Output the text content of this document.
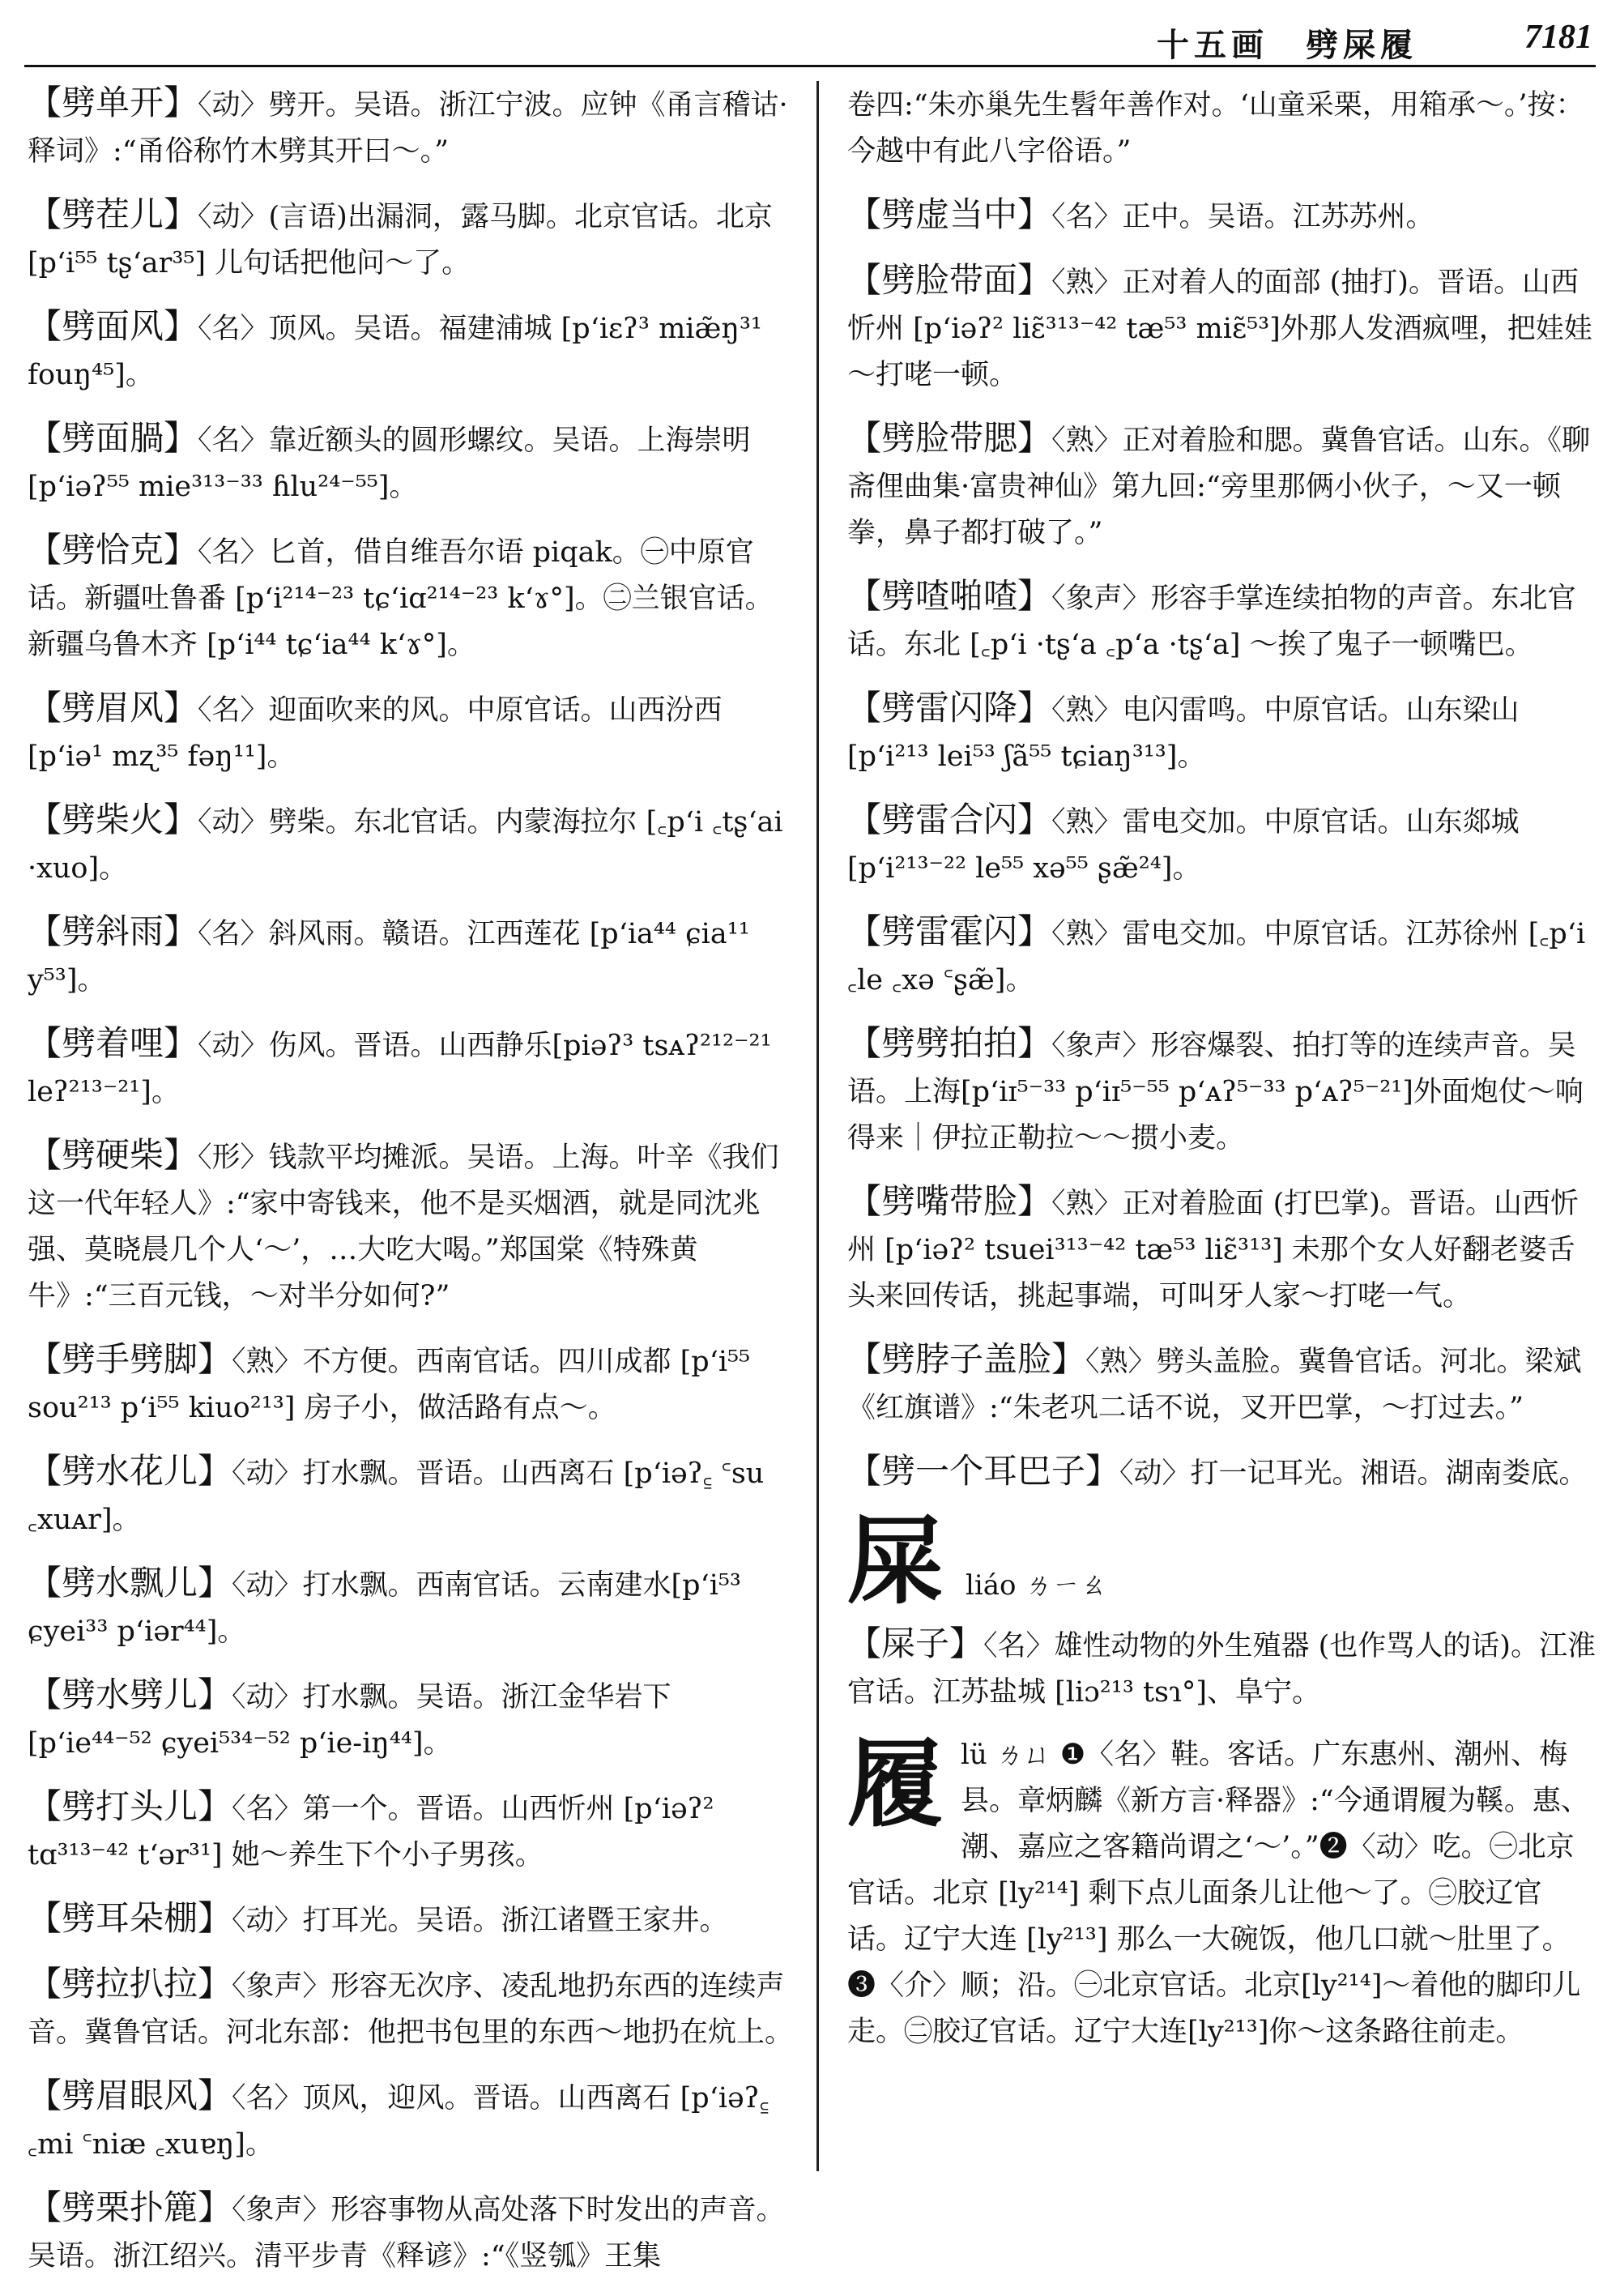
十五画　劈屎履	7181

【劈单开】〈动〉劈开。吴语。浙江宁波。应钟《甬言稽诂·释词》:“甬俗称竹木劈其开曰～。”

【劈茬儿】〈动〉(言语)出漏洞，露马脚。北京官话。北京 [p‘i⁵⁵ tʂ‘ar³⁵] 儿句话把他问～了。

【劈面风】〈名〉顶风。吴语。福建浦城 [p‘iɛʔ³ miæ̃ŋ³¹ fouŋ⁴⁵]。

【劈面腡】〈名〉靠近额头的圆形螺纹。吴语。上海崇明 [p‘iəʔ⁵⁵ mie³¹³⁻³³ ɦlu²⁴⁻⁵⁵]。

【劈恰克】〈名〉匕首，借自维吾尔语 piqak。㊀中原官话。新疆吐鲁番 [p‘i²¹⁴⁻²³ tɕ‘iɑ²¹⁴⁻²³ k‘ɤ°]。㊁兰银官话。新疆乌鲁木齐 [p‘i⁴⁴ tɕ‘ia⁴⁴ k‘ɤ°]。

【劈眉风】〈名〉迎面吹来的风。中原官话。山西汾西 [p‘iə¹ mʐ³⁵ fəŋ¹¹]。

【劈柴火】〈动〉劈柴。东北官话。内蒙海拉尔 [꜀p‘i ꜀tʂ‘ai ·xuo]。

【劈斜雨】〈名〉斜风雨。赣语。江西莲花 [p‘ia⁴⁴ ɕia¹¹ y⁵³]。

【劈着哩】〈动〉伤风。晋语。山西静乐[piəʔ³ tsᴀʔ²¹²⁻²¹ leʔ²¹³⁻²¹]。

【劈硬柴】〈形〉钱款平均摊派。吴语。上海。叶辛《我们这一代年轻人》:“家中寄钱来，他不是买烟酒，就是同沈兆强、莫晓晨几个人‘～’，…大吃大喝。”郑国棠《特殊黄牛》:“三百元钱，～对半分如何?”

【劈手劈脚】〈熟〉不方便。西南官话。四川成都 [p‘i⁵⁵ sou²¹³ p‘i⁵⁵ kiuo²¹³] 房子小，做活路有点～。

【劈水花儿】〈动〉打水飘。晋语。山西离石 [p‘iəʔ꜁ ꜂su ꜀xuᴀr]。

【劈水飘儿】〈动〉打水飘。西南官话。云南建水[p‘i⁵³ ɕyei³³ p‘iər⁴⁴]。

【劈水劈儿】〈动〉打水飘。吴语。浙江金华岩下 [p‘ie⁴⁴⁻⁵² ɕyei⁵³⁴⁻⁵² p‘ie-iŋ⁴⁴]。

【劈打头儿】〈名〉第一个。晋语。山西忻州 [p‘iəʔ² tɑ³¹³⁻⁴² t‘ər³¹] 她～养生下个小子男孩。

【劈耳朵棚】〈动〉打耳光。吴语。浙江诸暨王家井。

【劈拉扒拉】〈象声〉形容无次序、凌乱地扔东西的连续声音。冀鲁官话。河北东部：他把书包里的东西～地扔在炕上。

【劈眉眼风】〈名〉顶风，迎风。晋语。山西离石 [p‘iəʔ꜁ ꜀mi ꜂niæ ꜀xuɐŋ]。

【劈栗扑簏】〈象声〉形容事物从高处落下时发出的声音。吴语。浙江绍兴。清平步青《释谚》:“《竖瓠》王集

卷四:“朱亦巢先生髫年善作对。‘山童采栗，用箱承～。’按：今越中有此八字俗语。”

【劈虚当中】〈名〉正中。吴语。江苏苏州。

【劈脸带面】〈熟〉正对着人的面部 (抽打)。晋语。山西忻州 [p‘iəʔ² liɛ̃³¹³⁻⁴² tæ⁵³ miɛ̃⁵³]外那人发酒疯哩，把娃娃～打咾一顿。

【劈脸带腮】〈熟〉正对着脸和腮。冀鲁官话。山东。《聊斋俚曲集·富贵神仙》第九回:“旁里那俩小伙子，～又一顿拳，鼻子都打破了。”

【劈喳啪喳】〈象声〉形容手掌连续拍物的声音。东北官话。东北 [꜀p‘i ·tʂ‘a ꜀p‘a ·tʂ‘a] ～挨了鬼子一顿嘴巴。

【劈雷闪降】〈熟〉电闪雷鸣。中原官话。山东梁山 [p‘i²¹³ lei⁵³ ʃã⁵⁵ tɕiaŋ³¹³]。

【劈雷合闪】〈熟〉雷电交加。中原官话。山东郯城 [p‘i²¹³⁻²² le⁵⁵ xə⁵⁵ ʂæ̃²⁴]。

【劈雷霍闪】〈熟〉雷电交加。中原官话。江苏徐州 [꜀p‘i ꜀le ꜀xə ꜂ʂæ̃]。

【劈劈拍拍】〈象声〉形容爆裂、拍打等的连续声音。吴语。上海[p‘iɪ⁵⁻³³ p‘iɪ⁵⁻⁵⁵ p‘ᴀʔ⁵⁻³³ p‘ᴀʔ⁵⁻²¹]外面炮仗～响得来｜伊拉正勒拉～～掼小麦。

【劈嘴带脸】〈熟〉正对着脸面 (打巴掌)。晋语。山西忻州 [p‘iəʔ² tsuei³¹³⁻⁴² tæ⁵³ liɛ̃³¹³] 未那个女人好翻老婆舌头来回传话，挑起事端，可叫牙人家～打咾一气。

【劈脖子盖脸】〈熟〉劈头盖脸。冀鲁官话。河北。梁斌《红旗谱》:“朱老巩二话不说，叉开巴掌，～打过去。”

【劈一个耳巴子】〈动〉打一记耳光。湘语。湖南娄底。

屎 liáo ㄌㄧㄠ

【屎子】〈名〉雄性动物的外生殖器 (也作骂人的话)。江淮官话。江苏盐城 [liɔ²¹³ tsɿ°]、阜宁。

履 lü ㄌㄩ ❶〈名〉鞋。客话。广东惠州、潮州、梅县。章炳麟《新方言·释器》:“今通谓履为鞵。惠、潮、嘉应之客籍尚谓之‘～’。”❷〈动〉吃。㊀北京官话。北京 [ly²¹⁴] 剩下点儿面条儿让他～了。㊁胶辽官话。辽宁大连 [ly²¹³] 那么一大碗饭，他几口就～肚里了。❸〈介〉顺；沿。㊀北京官话。北京[ly²¹⁴]～着他的脚印儿走。㊁胶辽官话。辽宁大连[ly²¹³]你～这条路往前走。
